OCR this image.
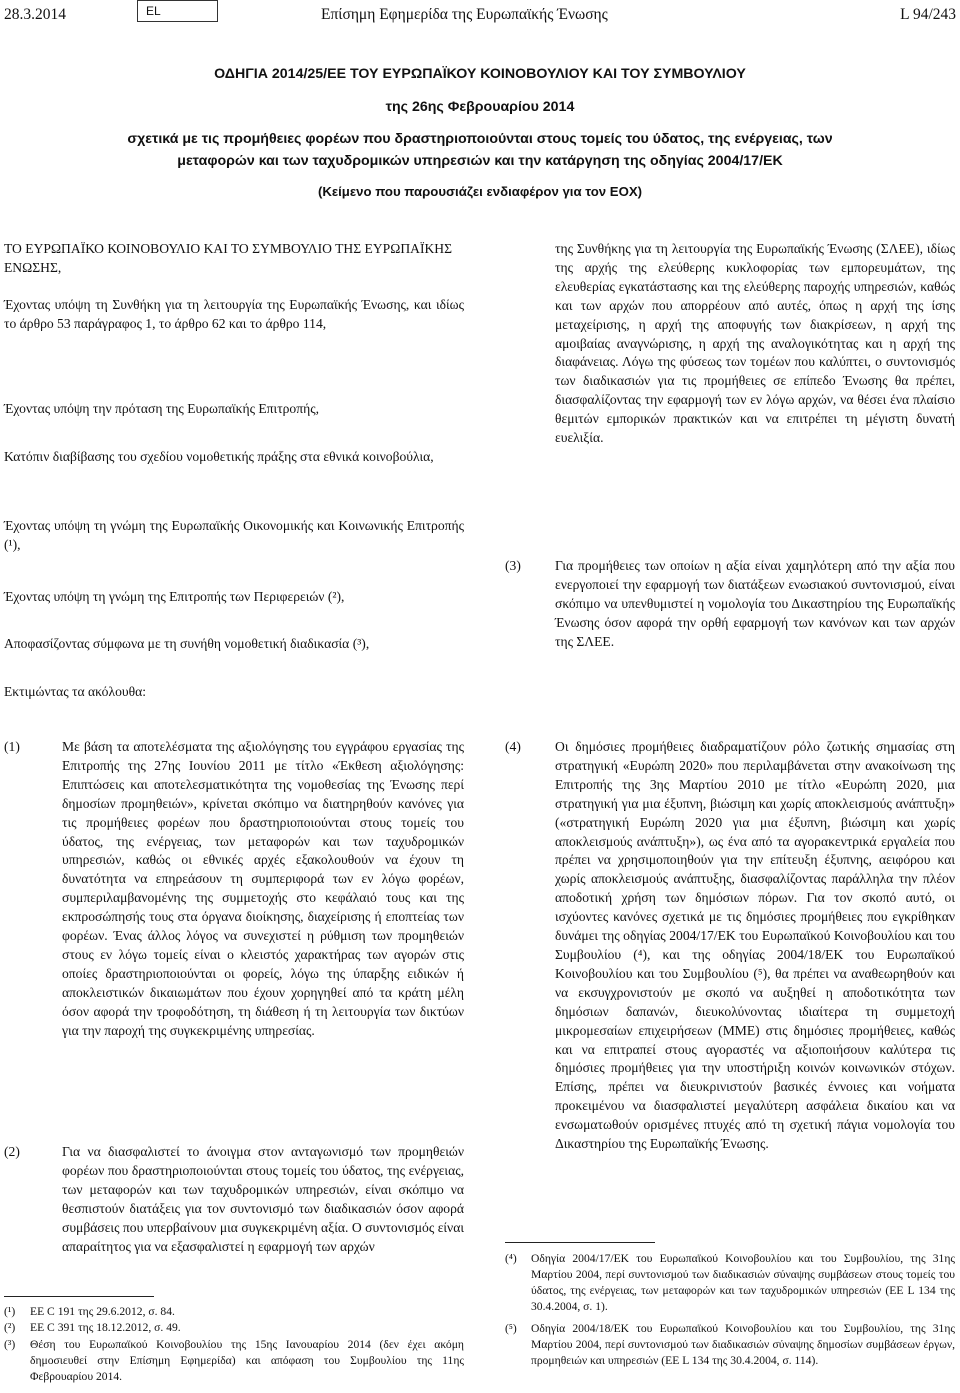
28.3.2014	EL	Επίσημη Εφημερίδα της Ευρωπαϊκής Ένωσης	L 94/243
ΟΔΗΓΙΑ 2014/25/ΕΕ ΤΟΥ ΕΥΡΩΠΑΪΚΟΥ ΚΟΙΝΟΒΟΥΛΙΟΥ ΚΑΙ ΤΟΥ ΣΥΜΒΟΥΛΙΟΥ
της 26ης Φεβρουαρίου 2014
σχετικά με τις προμήθειες φορέων που δραστηριοποιούνται στους τομείς του ύδατος, της ενέργειας, των
μεταφορών και των ταχυδρομικών υπηρεσιών και την κατάργηση της οδηγίας 2004/17/ΕΚ
(Κείμενο που παρουσιάζει ενδιαφέρον για τον ΕΟΧ)
ΤΟ ΕΥΡΩΠΑΪΚΟ ΚΟΙΝΟΒΟΥΛΙΟ ΚΑΙ ΤΟ ΣΥΜΒΟΥΛΙΟ ΤΗΣ ΕΥΡΩΠΑΪΚΗΣ ΕΝΩΣΗΣ,
Έχοντας υπόψη τη Συνθήκη για τη λειτουργία της Ευρωπαϊκής Ένωσης, και ιδίως το άρθρο 53 παράγραφος 1, το άρθρο 62 και το άρθρο 114,
Έχοντας υπόψη την πρόταση της Ευρωπαϊκής Επιτροπής,
Κατόπιν διαβίβασης του σχεδίου νομοθετικής πράξης στα εθνικά κοινοβούλια,
της Συνθήκης για τη λειτουργία της Ευρωπαϊκής Ένωσης (ΣΛΕΕ), ιδίως της αρχής της ελεύθερης κυκλοφορίας των εμπορευμάτων, της ελευθερίας εγκατάστασης και της ελεύθερης παροχής υπηρεσιών, καθώς και των αρχών που απορρέουν από αυτές, όπως η αρχή της ίσης μεταχείρισης, η αρχή της αποφυγής των διακρίσεων, η αρχή της αμοιβαίας αναγνώρισης, η αρχή της αναλογικότητας και η αρχή της διαφάνειας. Λόγω της φύσεως των τομέων που καλύπτει, ο συντονισμός των διαδικασιών για τις προμήθειες σε επίπεδο Ένωσης θα πρέπει, διασφαλίζοντας την εφαρμογή των εν λόγω αρχών, να θέσει ένα πλαίσιο θεμιτών εμπορικών πρακτικών και να επιτρέπει τη μέγιστη δυνατή ευελιξία.
Έχοντας υπόψη τη γνώμη της Ευρωπαϊκής Οικονομικής και Κοινωνικής Επιτροπής (¹),
Έχοντας υπόψη τη γνώμη της Επιτροπής των Περιφερειών (²),
Αποφασίζοντας σύμφωνα με τη συνήθη νομοθετική διαδικασία (³),
Εκτιμώντας τα ακόλουθα:
(3)	Για προμήθειες των οποίων η αξία είναι χαμηλότερη από την αξία που ενεργοποιεί την εφαρμογή των διατάξεων ενωσιακού συντονισμού, είναι σκόπιμο να υπενθυμιστεί η νομολογία του Δικαστηρίου της Ευρωπαϊκής Ένωσης όσον αφορά την ορθή εφαρμογή των κανόνων και των αρχών της ΣΛΕΕ.
(1)	Με βάση τα αποτελέσματα της αξιολόγησης του εγγράφου εργασίας της Επιτροπής της 27ης Ιουνίου 2011 με τίτλο «Έκθεση αξιολόγησης: Επιπτώσεις και αποτελεσματικότητα της νομοθεσίας της Ένωσης περί δημοσίων προμηθειών», κρίνεται σκόπιμο να διατηρηθούν κανόνες για τις προμήθειες φορέων που δραστηριοποιούνται στους τομείς του ύδατος, της ενέργειας, των μεταφορών και των ταχυδρομικών υπηρεσιών, καθώς οι εθνικές αρχές εξακολουθούν να έχουν τη δυνατότητα να επηρεάσουν τη συμπεριφορά των εν λόγω φορέων, συμπεριλαμβανομένης της συμμετοχής στο κεφάλαιό τους και της εκπροσώπησής τους στα όργανα διοίκησης, διαχείρισης ή εποπτείας των φορέων. Ένας άλλος λόγος να συνεχιστεί η ρύθμιση των προμηθειών στους εν λόγω τομείς είναι ο κλειστός χαρακτήρας των αγορών στις οποίες δραστηριοποιούνται οι φορείς, λόγω της ύπαρξης ειδικών ή αποκλειστικών δικαιωμάτων που έχουν χορηγηθεί από τα κράτη μέλη όσον αφορά την τροφοδότηση, τη διάθεση ή τη λειτουργία των δικτύων για την παροχή της συγκεκριμένης υπηρεσίας.
(2)	Για να διασφαλιστεί το άνοιγμα στον ανταγωνισμό των προμηθειών φορέων που δραστηριοποιούνται στους τομείς του ύδατος, της ενέργειας, των μεταφορών και των ταχυδρομικών υπηρεσιών, είναι σκόπιμο να θεσπιστούν διατάξεις για τον συντονισμό των διαδικασιών όσον αφορά συμβάσεις που υπερβαίνουν μια συγκεκριμένη αξία. Ο συντονισμός είναι απαραίτητος για να εξασφαλιστεί η εφαρμογή των αρχών
(4)	Οι δημόσιες προμήθειες διαδραματίζουν ρόλο ζωτικής σημασίας στη στρατηγική «Ευρώπη 2020» που περιλαμβάνεται στην ανακοίνωση της Επιτροπής της 3ης Μαρτίου 2010 με τίτλο «Ευρώπη 2020, μια στρατηγική για μια έξυπνη, βιώσιμη και χωρίς αποκλεισμούς ανάπτυξη» («στρατηγική Ευρώπη 2020 για μια έξυπνη, βιώσιμη και χωρίς αποκλεισμούς ανάπτυξη»), ως ένα από τα αγορακεντρικά εργαλεία που πρέπει να χρησιμοποιηθούν για την επίτευξη έξυπνης, αειφόρου και χωρίς αποκλεισμούς ανάπτυξης, διασφαλίζοντας παράλληλα την πλέον αποδοτική χρήση των δημόσιων πόρων. Για τον σκοπό αυτό, οι ισχύοντες κανόνες σχετικά με τις δημόσιες προμήθειες που εγκρίθηκαν δυνάμει της οδηγίας 2004/17/ΕΚ του Ευρωπαϊκού Κοινοβουλίου και του Συμβουλίου (⁴), και της οδηγίας 2004/18/ΕΚ του Ευρωπαϊκού Κοινοβουλίου και του Συμβουλίου (⁵), θα πρέπει να αναθεωρηθούν και να εκσυγχρονιστούν με σκοπό να αυξηθεί η αποδοτικότητα των δημόσιων δαπανών, διευκολύνοντας ιδιαίτερα τη συμμετοχή μικρομεσαίων επιχειρήσεων (ΜΜΕ) στις δημόσιες προμήθειες, καθώς και να επιτραπεί στους αγοραστές να αξιοποιήσουν καλύτερα τις δημόσιες προμήθειες για την υποστήριξη κοινών κοινωνικών στόχων. Επίσης, πρέπει να διευκρινιστούν βασικές έννοιες και νοήματα προκειμένου να διασφαλιστεί μεγαλύτερη ασφάλεια δικαίου και να ενσωματωθούν ορισμένες πτυχές από τη σχετική πάγια νομολογία του Δικαστηρίου της Ευρωπαϊκής Ένωσης.
(¹) ΕΕ C 191 της 29.6.2012, σ. 84.
(²) ΕΕ C 391 της 18.12.2012, σ. 49.
(³) Θέση του Ευρωπαϊκού Κοινοβουλίου της 15ης Ιανουαρίου 2014 (δεν έχει ακόμη δημοσιευθεί στην Επίσημη Εφημερίδα) και απόφαση του Συμβουλίου της 11ης Φεβρουαρίου 2014.
(⁴) Οδηγία 2004/17/ΕΚ του Ευρωπαϊκού Κοινοβουλίου και του Συμβουλίου, της 31ης Μαρτίου 2004, περί συντονισμού των διαδικασιών σύναψης συμβάσεων στους τομείς του ύδατος, της ενέργειας, των μεταφορών και των ταχυδρομικών υπηρεσιών (ΕΕ L 134 της 30.4.2004, σ. 1).
(⁵) Οδηγία 2004/18/ΕΚ του Ευρωπαϊκού Κοινοβουλίου και του Συμβουλίου, της 31ης Μαρτίου 2004, περί συντονισμού των διαδικασιών σύναψης δημοσίων συμβάσεων έργων, προμηθειών και υπηρεσιών (ΕΕ L 134 της 30.4.2004, σ. 114).
